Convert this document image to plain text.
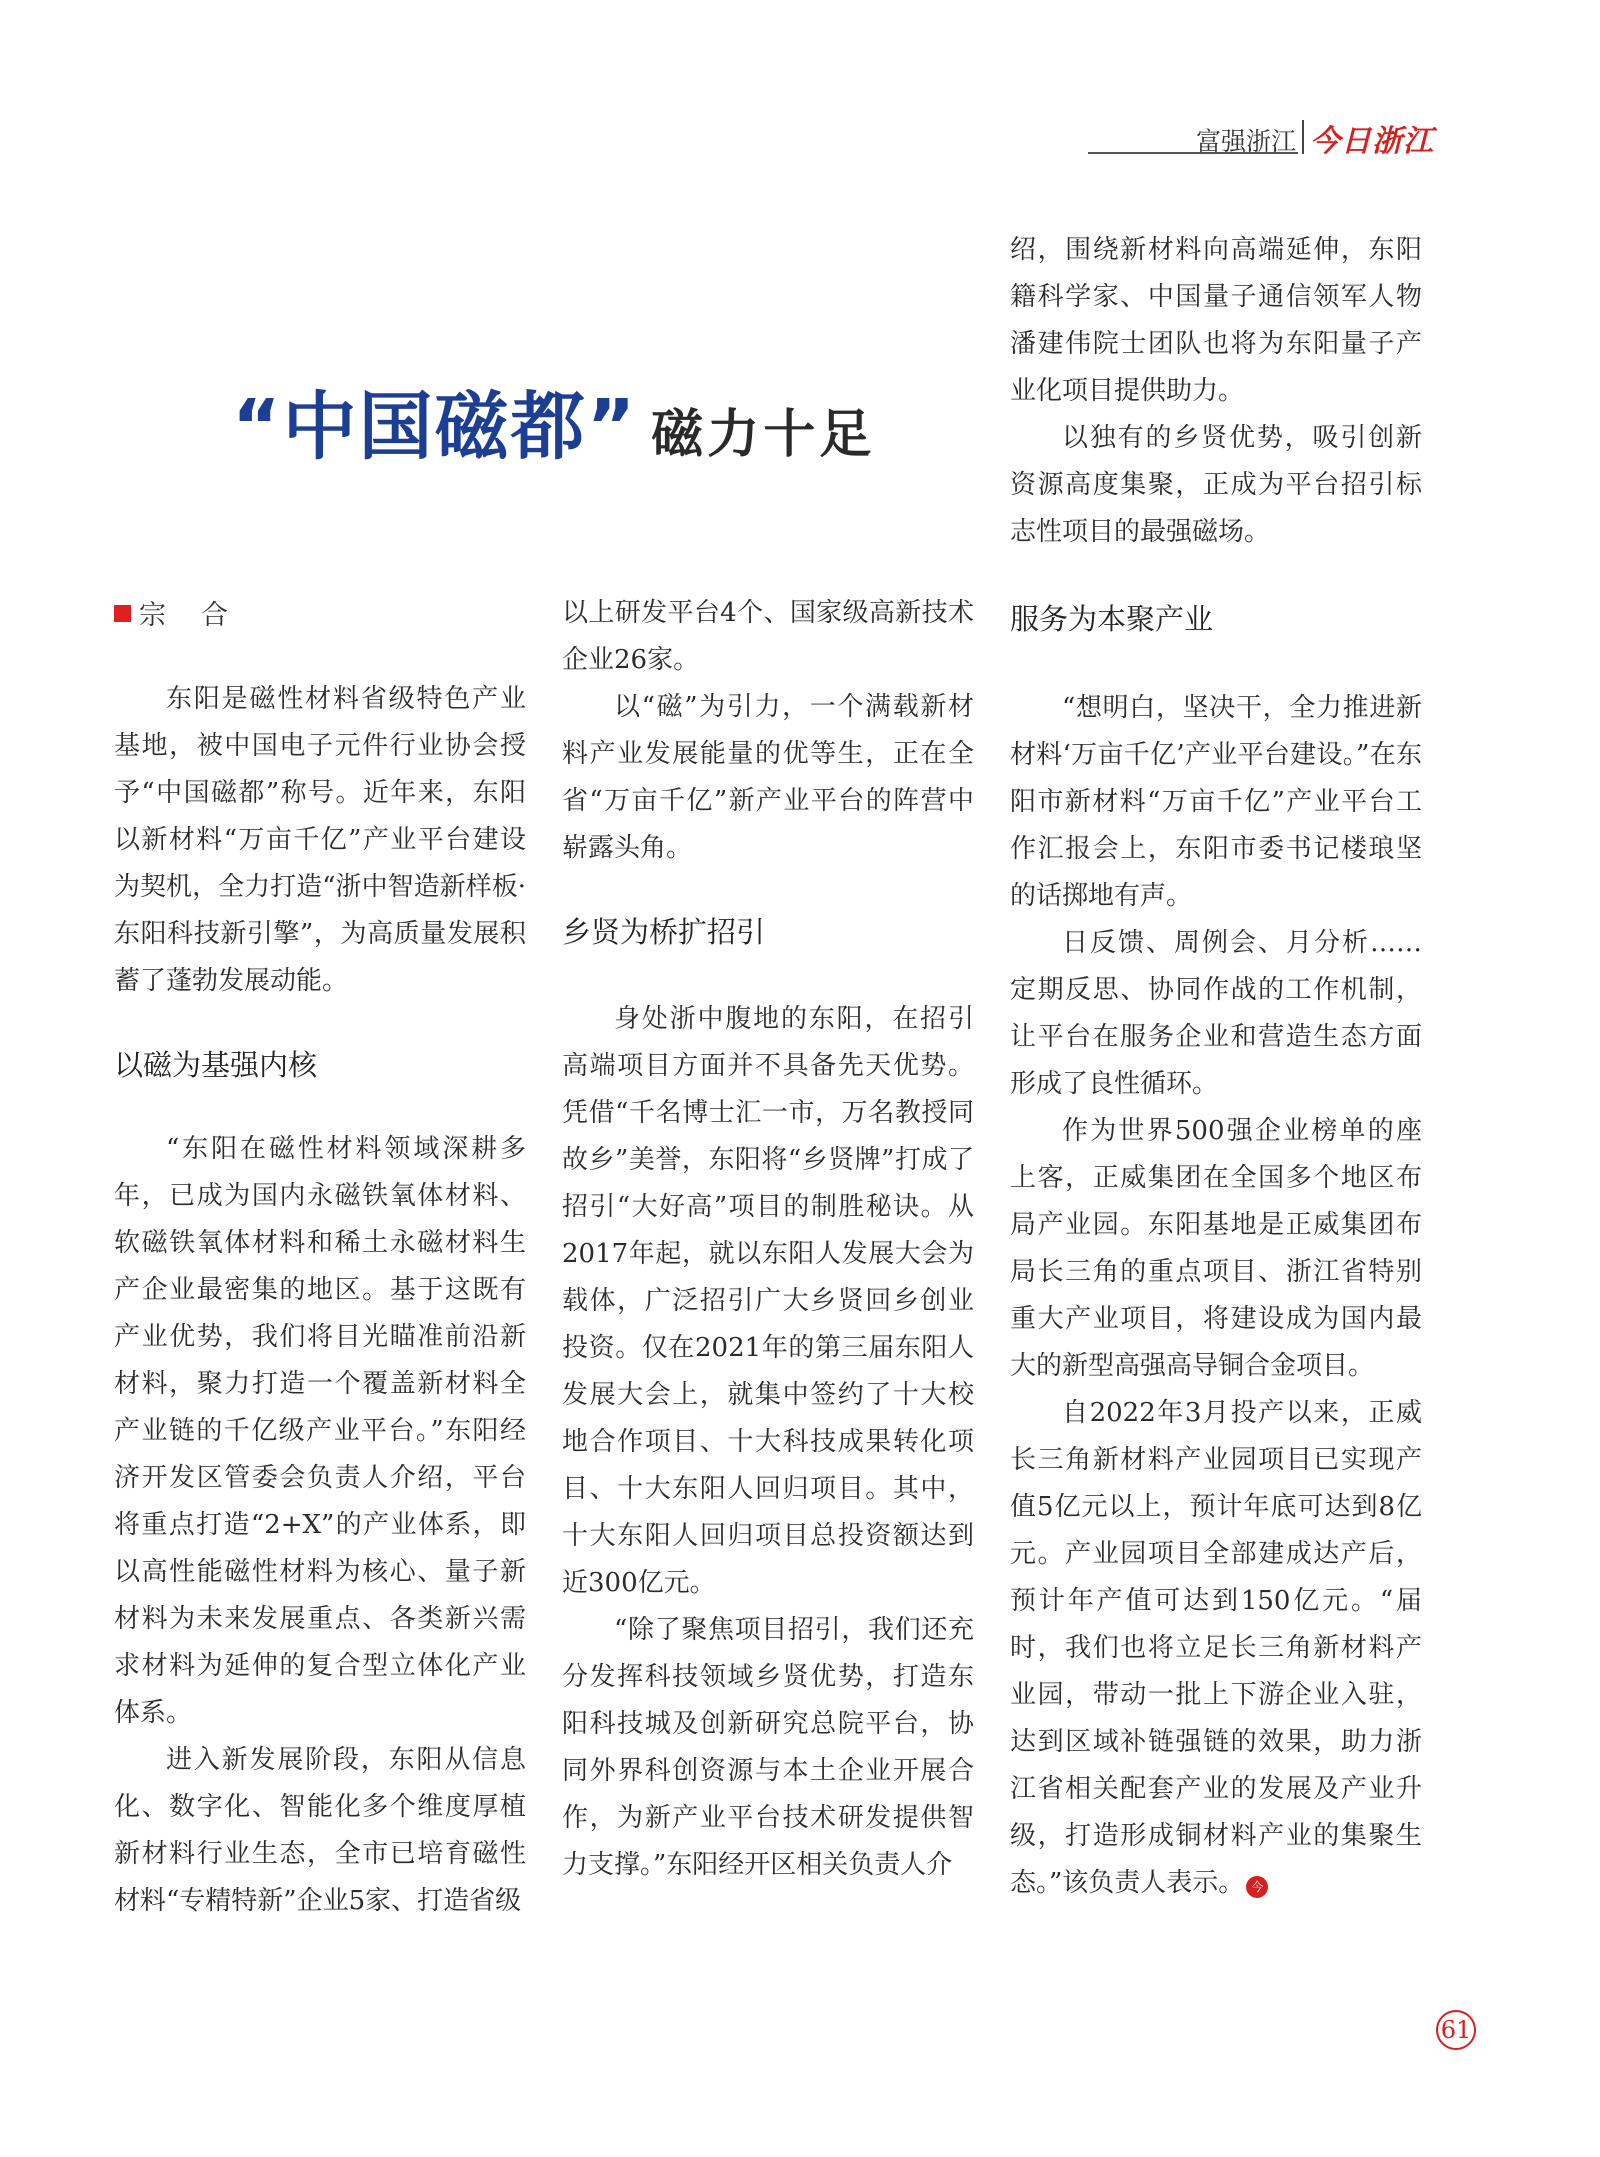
富强浙江 今日浙江
“中国磁都” 磁力十足
宗　合

东阳是磁性材料省级特色产业基地，被中国电子元件行业协会授予“中国磁都”称号。近年来，东阳以新材料“万亩千亿”产业平台建设为契机，全力打造“浙中智造新样板·东阳科技新引擎”，为高质量发展积蓄了蓬勃发展动能。

以磁为基强内核

“东阳在磁性材料领域深耕多年，已成为国内永磁铁氧体材料、软磁铁氧体材料和稀土永磁材料生产企业最密集的地区。基于这既有产业优势，我们将目光瞄准前沿新材料，聚力打造一个覆盖新材料全产业链的千亿级产业平台。”东阳经济开发区管委会负责人介绍，平台将重点打造“2+X”的产业体系，即以高性能磁性材料为核心、量子新材料为未来发展重点、各类新兴需求材料为延伸的复合型立体化产业体系。

进入新发展阶段，东阳从信息化、数字化、智能化多个维度厚植新材料行业生态，全市已培育磁性材料“专精特新”企业5家、打造省级

以上研发平台4个、国家级高新技术企业26家。

以“磁”为引力，一个满载新材料产业发展能量的优等生，正在全省“万亩千亿”新产业平台的阵营中崭露头角。

乡贤为桥扩招引

身处浙中腹地的东阳，在招引高端项目方面并不具备先天优势。凭借“千名博士汇一市，万名教授同故乡”美誉，东阳将“乡贤牌”打成了招引“大好高”项目的制胜秘诀。从2017年起，就以东阳人发展大会为载体，广泛招引广大乡贤回乡创业投资。仅在2021年的第三届东阳人发展大会上，就集中签约了十大校地合作项目、十大科技成果转化项目、十大东阳人回归项目。其中，十大东阳人回归项目总投资额达到近300亿元。

“除了聚焦项目招引，我们还充分发挥科技领域乡贤优势，打造东阳科技城及创新研究总院平台，协同外界科创资源与本土企业开展合作，为新产业平台技术研发提供智力支撑。”东阳经开区相关负责人介

绍，围绕新材料向高端延伸，东阳籍科学家、中国量子通信领军人物潘建伟院士团队也将为东阳量子产业化项目提供助力。

以独有的乡贤优势，吸引创新资源高度集聚，正成为平台招引标志性项目的最强磁场。

服务为本聚产业

“想明白，坚决干，全力推进新材料‘万亩千亿’产业平台建设。”在东阳市新材料“万亩千亿”产业平台工作汇报会上，东阳市委书记楼琅坚的话掷地有声。

日反馈、周例会、月分析……定期反思、协同作战的工作机制，让平台在服务企业和营造生态方面形成了良性循环。

作为世界500强企业榜单的座上客，正威集团在全国多个地区布局产业园。东阳基地是正威集团布局长三角的重点项目、浙江省特别重大产业项目，将建设成为国内最大的新型高强高导铜合金项目。

自2022年3月投产以来，正威长三角新材料产业园项目已实现产值5亿元以上，预计年底可达到8亿元。产业园项目全部建成达产后，预计年产值可达到150亿元。“届时，我们也将立足长三角新材料产业园，带动一批上下游企业入驻，达到区域补链强链的效果，助力浙江省相关配套产业的发展及产业升级，打造形成铜材料产业的集聚生态。”该负责人表示。 今

61
